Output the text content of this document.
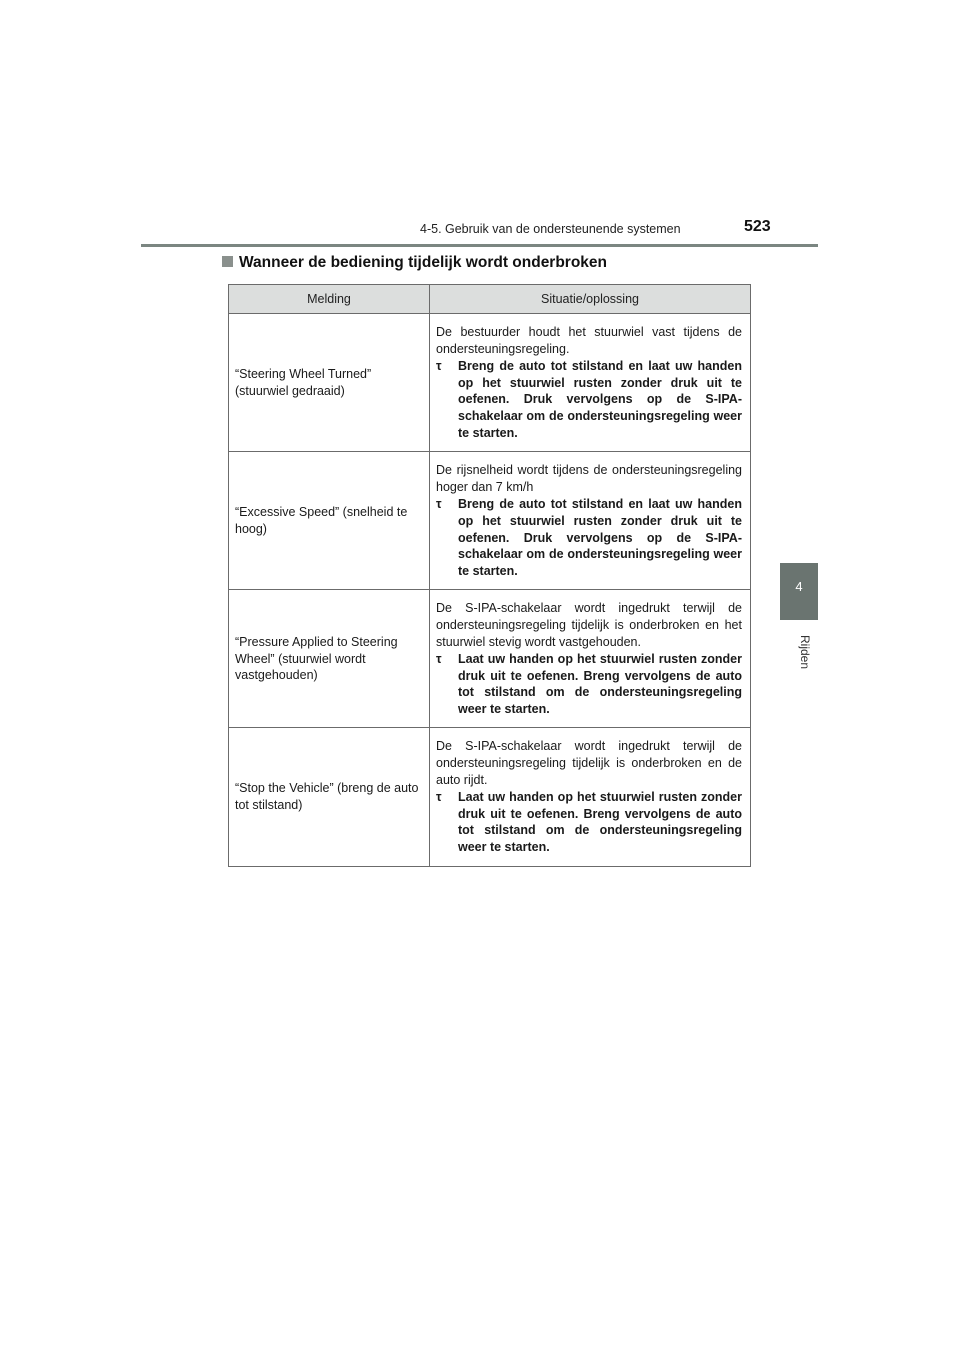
4-5. Gebruik van de ondersteunende systemen	523
4
Rijden
Wanneer de bediening tijdelijk wordt onderbroken
Melding	Situatie/oplossing
“Steering Wheel Turned” (stuurwiel gedraaid)	De bestuurder houdt het stuurwiel vast tijdens de ondersteuningsregeling.
τ Breng de auto tot stilstand en laat uw handen op het stuurwiel rusten zonder druk uit te oefenen. Druk vervolgens op de S-IPA-schakelaar om de ondersteuningsregeling weer te starten.

“Excessive Speed” (snelheid te hoog)	De rijsnelheid wordt tijdens de ondersteuningsregeling hoger dan 7 km/h
τ Breng de auto tot stilstand en laat uw handen op het stuurwiel rusten zonder druk uit te oefenen. Druk vervolgens op de S-IPA-schakelaar om de ondersteuningsregeling weer te starten.

“Pressure Applied to Steering Wheel” (stuurwiel wordt vastgehouden)	De S-IPA-schakelaar wordt ingedrukt terwijl de ondersteuningsregeling tijdelijk is onderbroken en het stuurwiel stevig wordt vastgehouden.
τ Laat uw handen op het stuurwiel rusten zonder druk uit te oefenen. Breng vervolgens de auto tot stilstand om de ondersteuningsregeling weer te starten.

“Stop the Vehicle” (breng de auto tot stilstand)	De S-IPA-schakelaar wordt ingedrukt terwijl de ondersteuningsregeling tijdelijk is onderbroken en de auto rijdt.
τ Laat uw handen op het stuurwiel rusten zonder druk uit te oefenen. Breng vervolgens de auto tot stilstand om de ondersteuningsregeling weer te starten.
